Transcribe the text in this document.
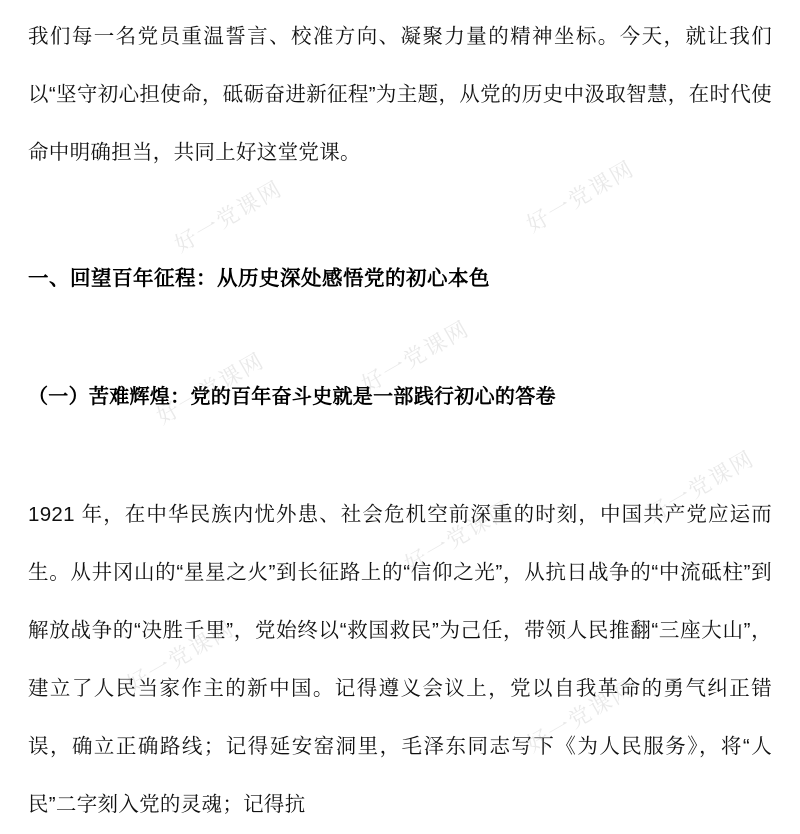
我们每一名党员重温誓言、校准方向、凝聚力量的精神坐标。今天，就让我们以“坚守初心担使命，砥砺奋进新征程”为主题，从党的历史中汲取智慧，在时代使命中明确担当，共同上好这堂党课。

一、回望百年征程：从历史深处感悟党的初心本色
（一）苦难辉煌：党的百年奋斗史就是一部践行初心的答卷

1921 年，在中华民族内忧外患、社会危机空前深重的时刻，中国共产党应运而生。从井冈山的“星星之火”到长征路上的“信仰之光”，从抗日战争的“中流砥柱”到解放战争的“决胜千里”，党始终以“救国救民”为己任，带领人民推翻“三座大山”，建立了人民当家作主的新中国。记得遵义会议上，党以自我革命的勇气纠正错误，确立正确路线；记得延安窑洞里，毛泽东同志写下《为人民服务》，将“人民”二字刻入党的灵魂；记得抗

好一党课网	好一党课网
好一党课网
好一党课网
好一党课网
好一党课网
好一党课网
好一党课网
